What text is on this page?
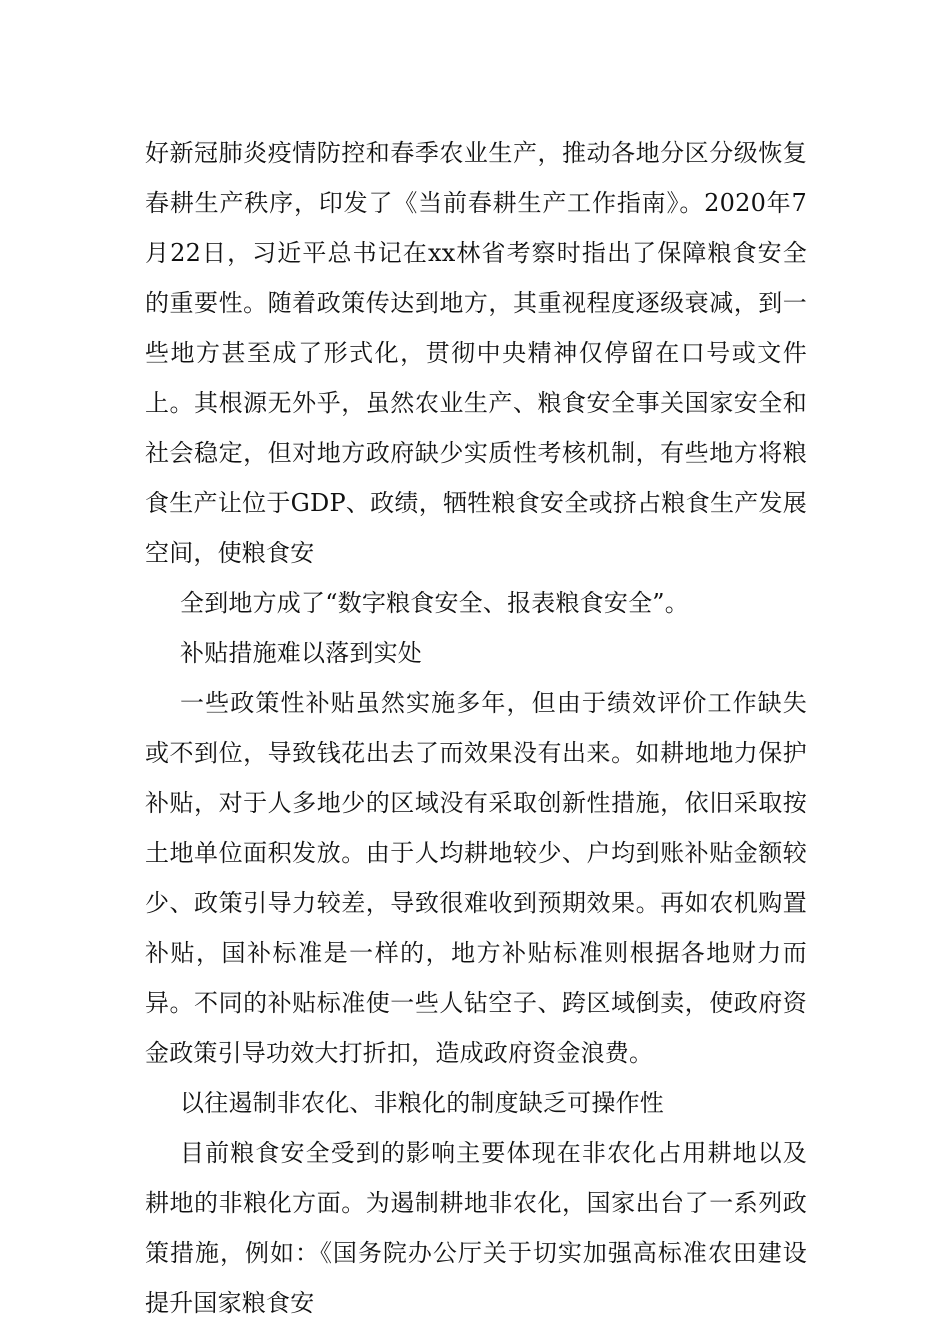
好新冠肺炎疫情防控和春季农业生产，推动各地分区分级恢复春耕生产秩序，印发了《当前春耕生产工作指南》。2020年7月22日，习近平总书记在xx林省考察时指出了保障粮食安全的重要性。随着政策传达到地方，其重视程度逐级衰减，到一些地方甚至成了形式化，贯彻中央精神仅停留在口号或文件上。其根源无外乎，虽然农业生产、粮食安全事关国家安全和社会稳定，但对地方政府缺少实质性考核机制，有些地方将粮食生产让位于GDP、政绩，牺牲粮食安全或挤占粮食生产发展空间，使粮食安

全到地方成了“数字粮食安全、报表粮食安全”。

补贴措施难以落到实处

一些政策性补贴虽然实施多年，但由于绩效评价工作缺失或不到位，导致钱花出去了而效果没有出来。如耕地地力保护补贴，对于人多地少的区域没有采取创新性措施，依旧采取按土地单位面积发放。由于人均耕地较少、户均到账补贴金额较少、政策引导力较差，导致很难收到预期效果。再如农机购置补贴，国补标准是一样的，地方补贴标准则根据各地财力而异。不同的补贴标准使一些人钻空子、跨区域倒卖，使政府资金政策引导功效大打折扣，造成政府资金浪费。

以往遏制非农化、非粮化的制度缺乏可操作性

目前粮食安全受到的影响主要体现在非农化占用耕地以及耕地的非粮化方面。为遏制耕地非农化，国家出台了一系列政策措施，例如：《国务院办公厅关于切实加强高标准农田建设提升国家粮食安
